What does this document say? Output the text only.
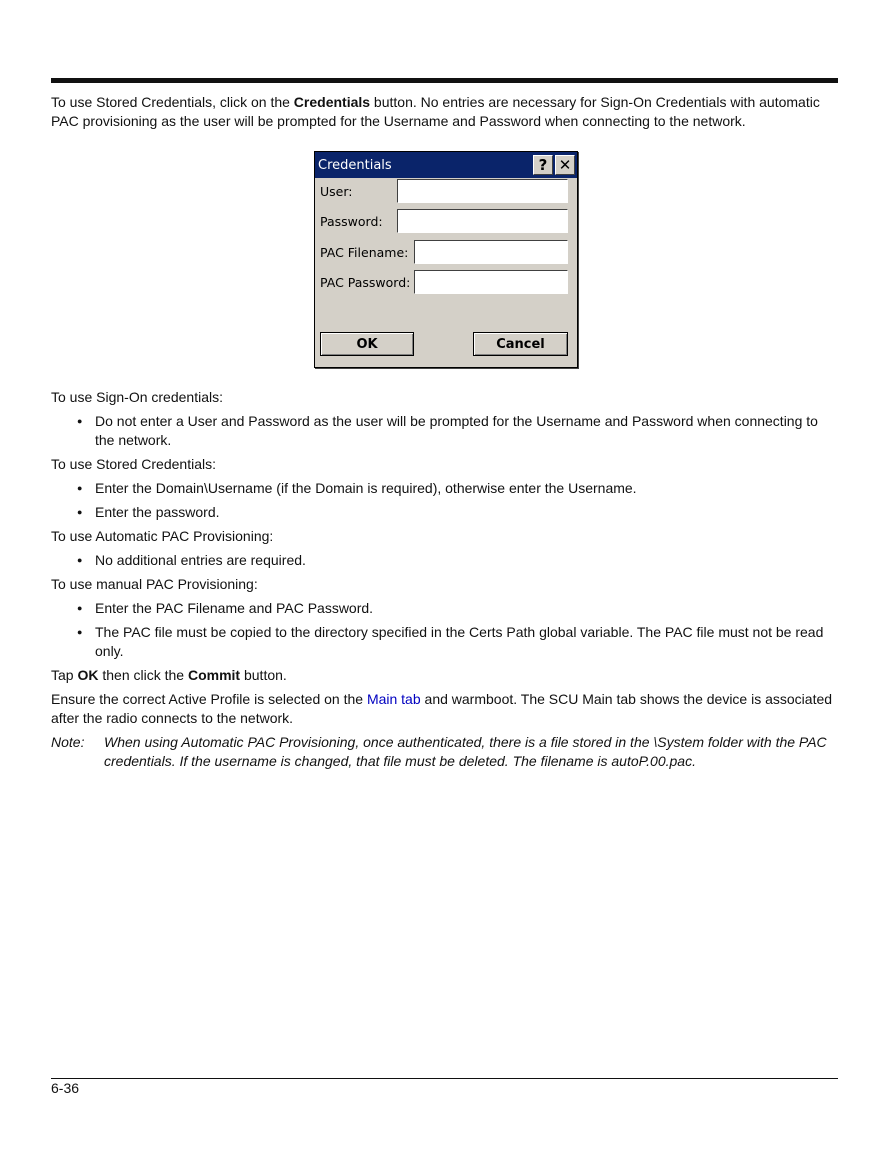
To use Stored Credentials, click on the Credentials button. No entries are necessary for Sign-On Credentials with automatic PAC provisioning as the user will be prompted for the Username and Password when connecting to the network.

Credentials	? ✕
User:
Password:
PAC Filename:
PAC Password:
OK	Cancel

To use Sign-On credentials:

● Do not enter a User and Password as the user will be prompted for the Username and Password when connecting to the network.

To use Stored Credentials:

● Enter the Domain\Username (if the Domain is required), otherwise enter the Username.
● Enter the password.

To use Automatic PAC Provisioning:

● No additional entries are required.

To use manual PAC Provisioning:

● Enter the PAC Filename and PAC Password.
● The PAC file must be copied to the directory specified in the Certs Path global variable. The PAC file must not be read only.

Tap OK then click the Commit button.

Ensure the correct Active Profile is selected on the Main tab and warmboot. The SCU Main tab shows the device is associated after the radio connects to the network.

Note:	When using Automatic PAC Provisioning, once authenticated, there is a file stored in the \System folder with the PAC credentials. If the username is changed, that file must be deleted. The filename is autoP.00.pac.
6-36
